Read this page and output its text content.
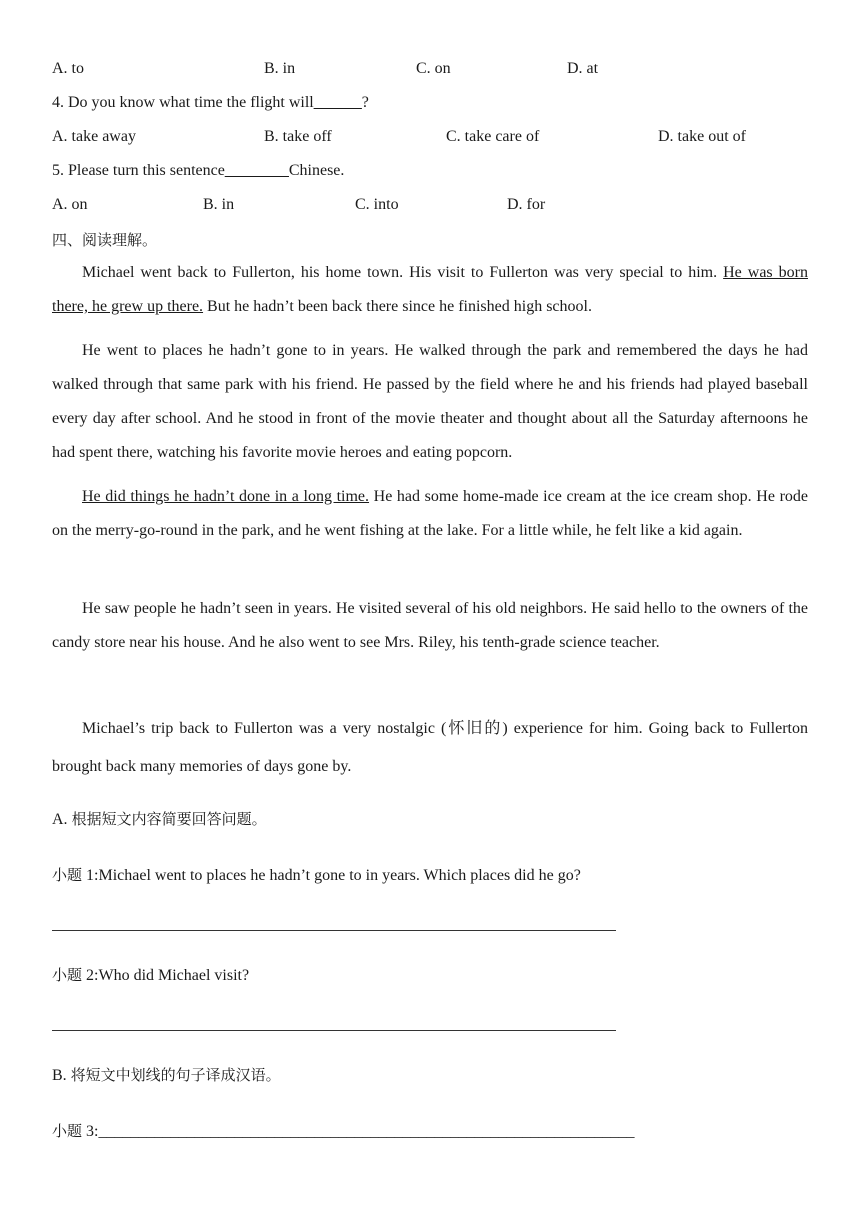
A. to	B. in	C. on	D. at
4. Do you know what time the flight will______?
A. take away	B. take off	C. take care of	D. take out of
5. Please turn this sentence________Chinese.
A. on	B. in	C. into	D. for
四、阅读理解。
Michael went back to Fullerton, his home town. His visit to Fullerton was very special to him. He was born there, he grew up there. But he hadn’t been back there since he finished high school.
He went to places he hadn’t gone to in years. He walked through the park and remembered the days he had walked through that same park with his friend. He passed by the field where he and his friends had played baseball every day after school. And he stood in front of the movie theater and thought about all the Saturday afternoons he had spent there, watching his favorite movie heroes and eating popcorn.
He did things he hadn’t done in a long time. He had some home-made ice cream at the ice cream shop. He rode on the merry-go-round in the park, and he went fishing at the lake. For a little while, he felt like a kid again.
He saw people he hadn’t seen in years. He visited several of his old neighbors. He said hello to the owners of the candy store near his house. And he also went to see Mrs. Riley, his tenth-grade science teacher.
Michael’s trip back to Fullerton was a very nostalgic (怀旧的) experience for him. Going back to Fullerton brought back many memories of days gone by.
A. 根据短文内容简要回答问题。
小题 1:Michael went to places he hadn’t gone to in years. Which places did he go?
小题 2:Who did Michael visit?
B. 将短文中划线的句子译成汉语。
小题 3:___________________________________________________________________
